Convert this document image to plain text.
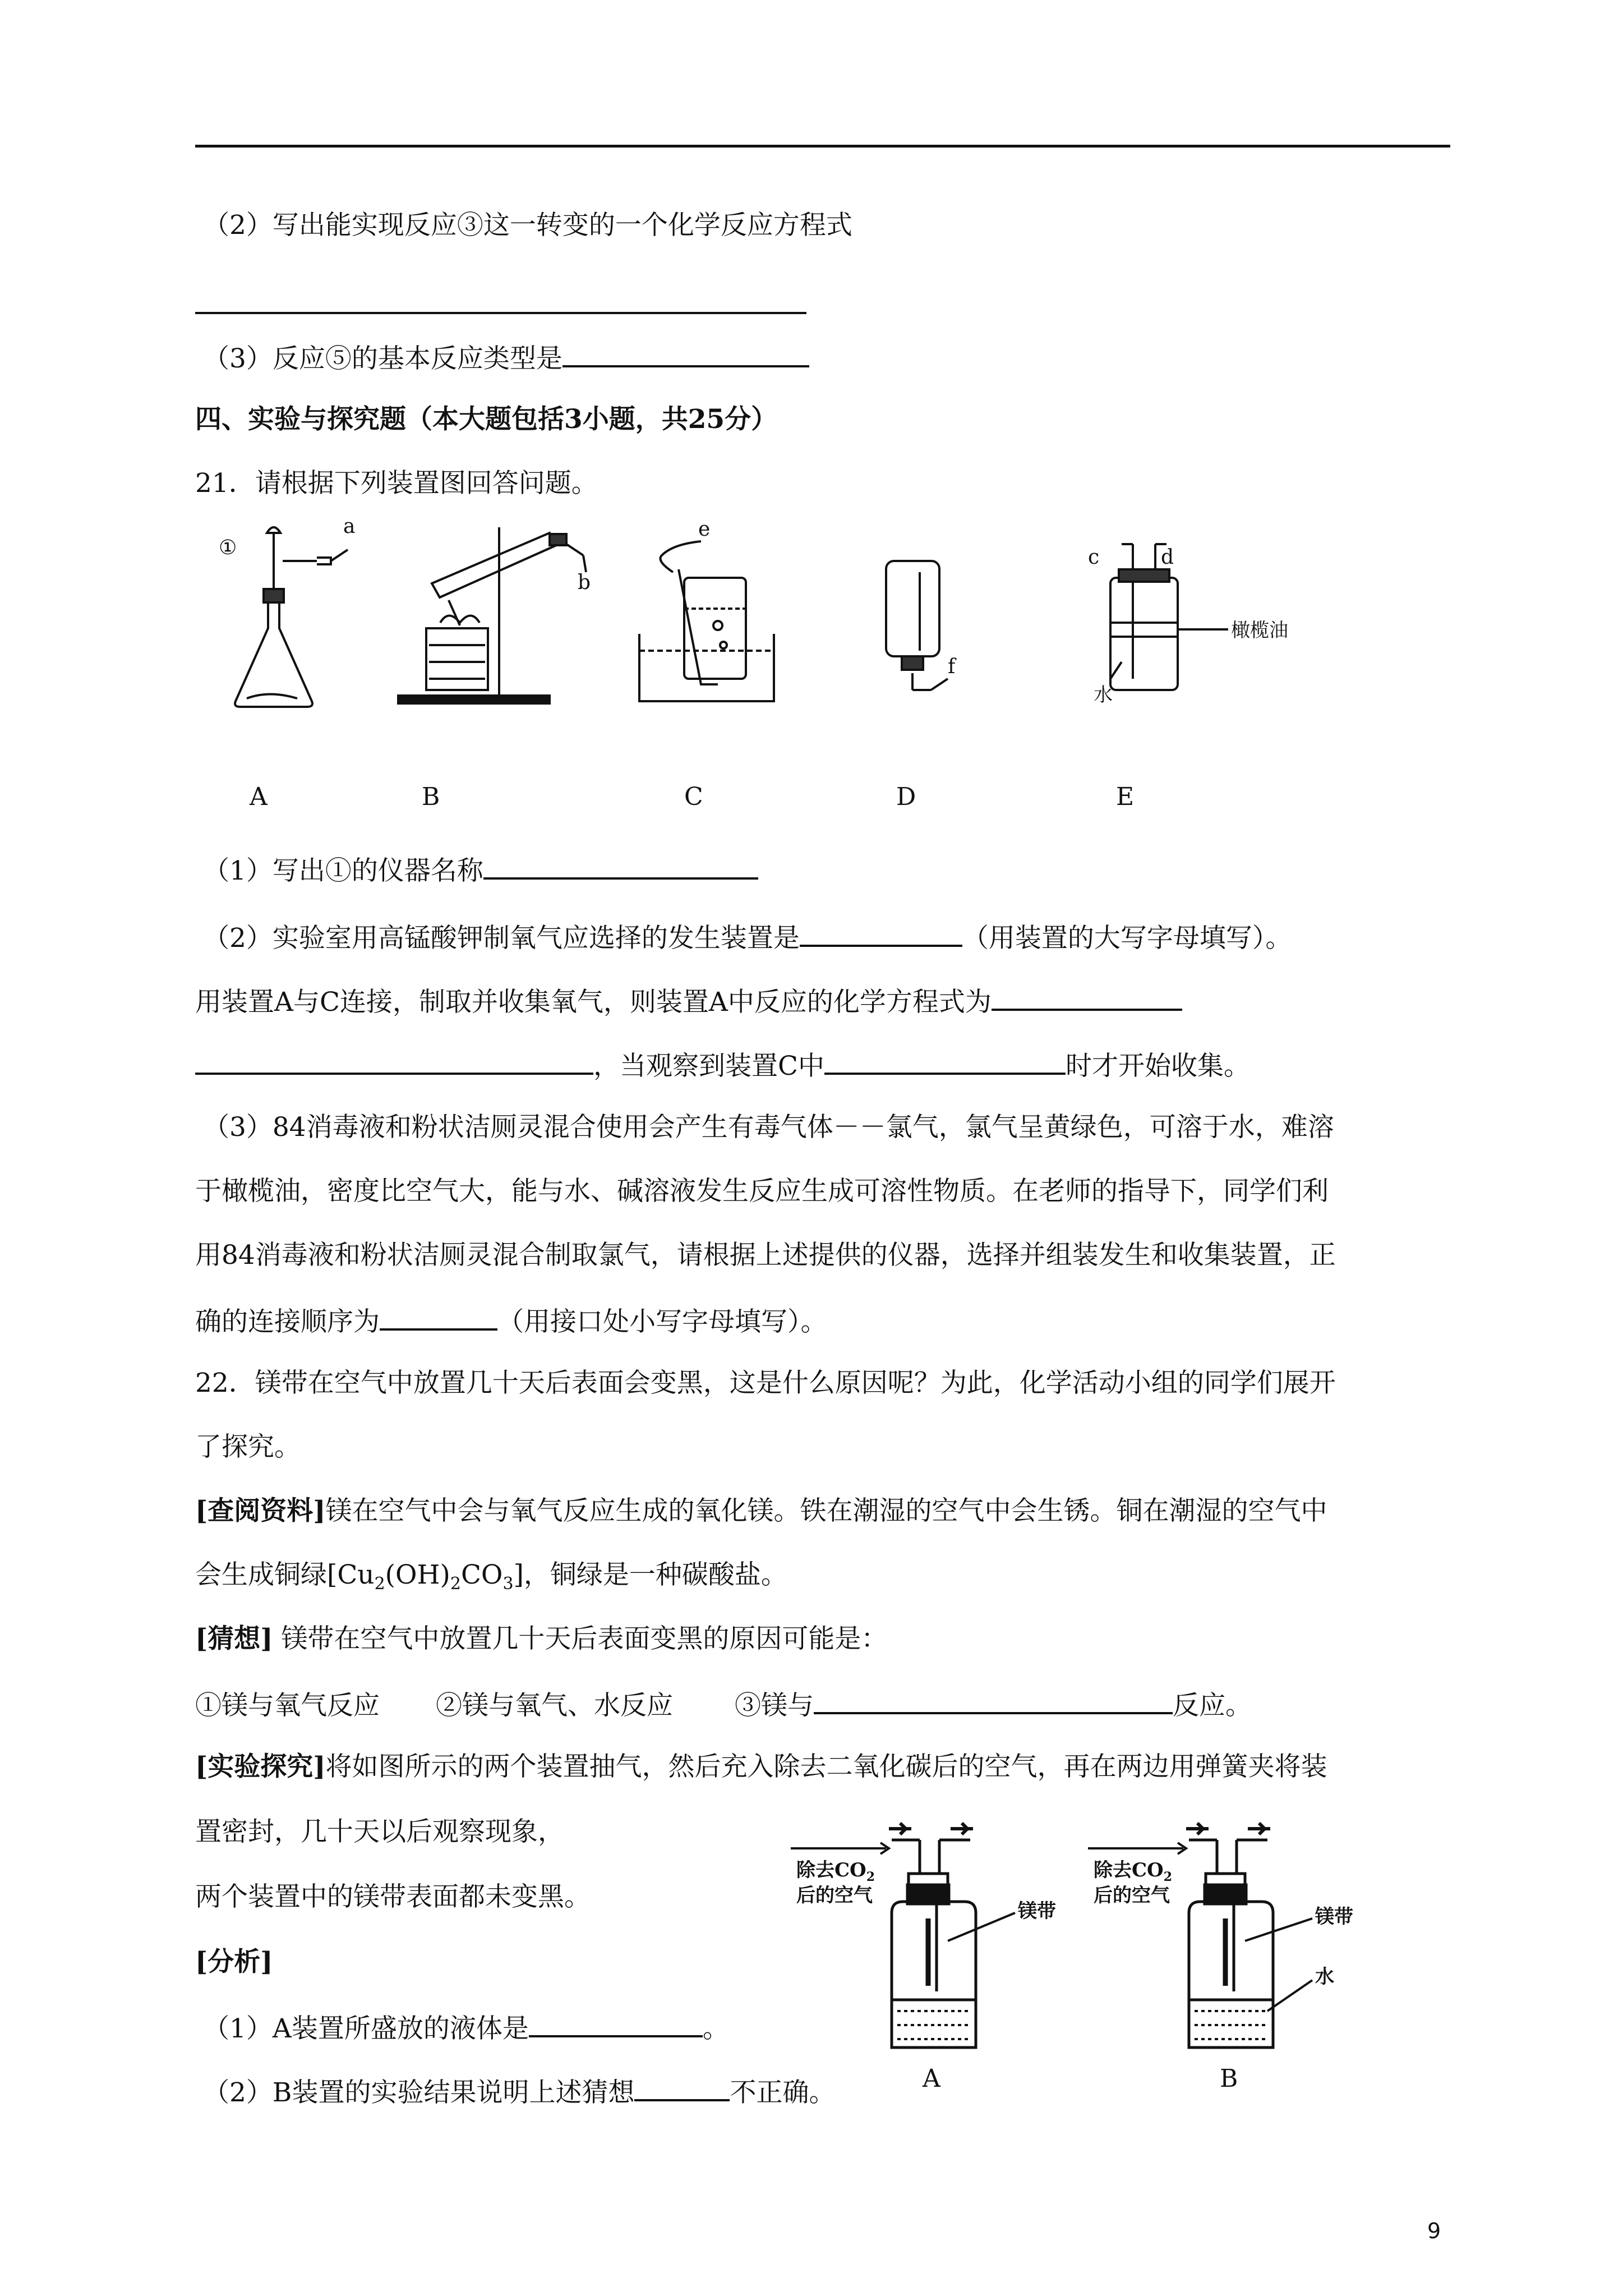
（2）写出能实现反应③这一转变的一个化学反应方程式
（3）反应⑤的基本反应类型是
四、实验与探究题（本大题包括3小题，共25分）
21．请根据下列装置图回答问题。
①
a
b
e
f
c	d
橄榄油
水
A	B	C	D	E
（1）写出①的仪器名称
（2）实验室用高锰酸钾制氧气应选择的发生装置是	（用装置的大写字母填写）。
用装置A与C连接，制取并收集氧气，则装置A中反应的化学方程式为
，当观察到装置C中	时才开始收集。
（3）84消毒液和粉状洁厕灵混合使用会产生有毒气体－－氯气，氯气呈黄绿色，可溶于水，难溶
于橄榄油，密度比空气大，能与水、碱溶液发生反应生成可溶性物质。在老师的指导下，同学们利
用84消毒液和粉状洁厕灵混合制取氯气，请根据上述提供的仪器，选择并组装发生和收集装置，正
确的连接顺序为	（用接口处小写字母填写）。
22．镁带在空气中放置几十天后表面会变黑，这是什么原因呢？为此，化学活动小组的同学们展开
了探究。
[查阅资料]镁在空气中会与氧气反应生成的氧化镁。铁在潮湿的空气中会生锈。铜在潮湿的空气中
会生成铜绿$[Cu_2(OH)_2CO_3]$，铜绿是一种碳酸盐。
[猜想] 镁带在空气中放置几十天后表面变黑的原因可能是：
①镁与氧气反应 ②镁与氧气、水反应 ③镁与	反应。
[实验探究]将如图所示的两个装置抽气，然后充入除去二氧化碳后的空气，再在两边用弹簧夹将装
置密封，几十天以后观察现象，
两个装置中的镁带表面都未变黑。
[分析]
（1）A装置所盛放的液体是	。
（2）B装置的实验结果说明上述猜想	不正确。
除去$CO_2$
后的空气
镁带
除去$CO_2$
后的空气
镁带
水
A	B
9
